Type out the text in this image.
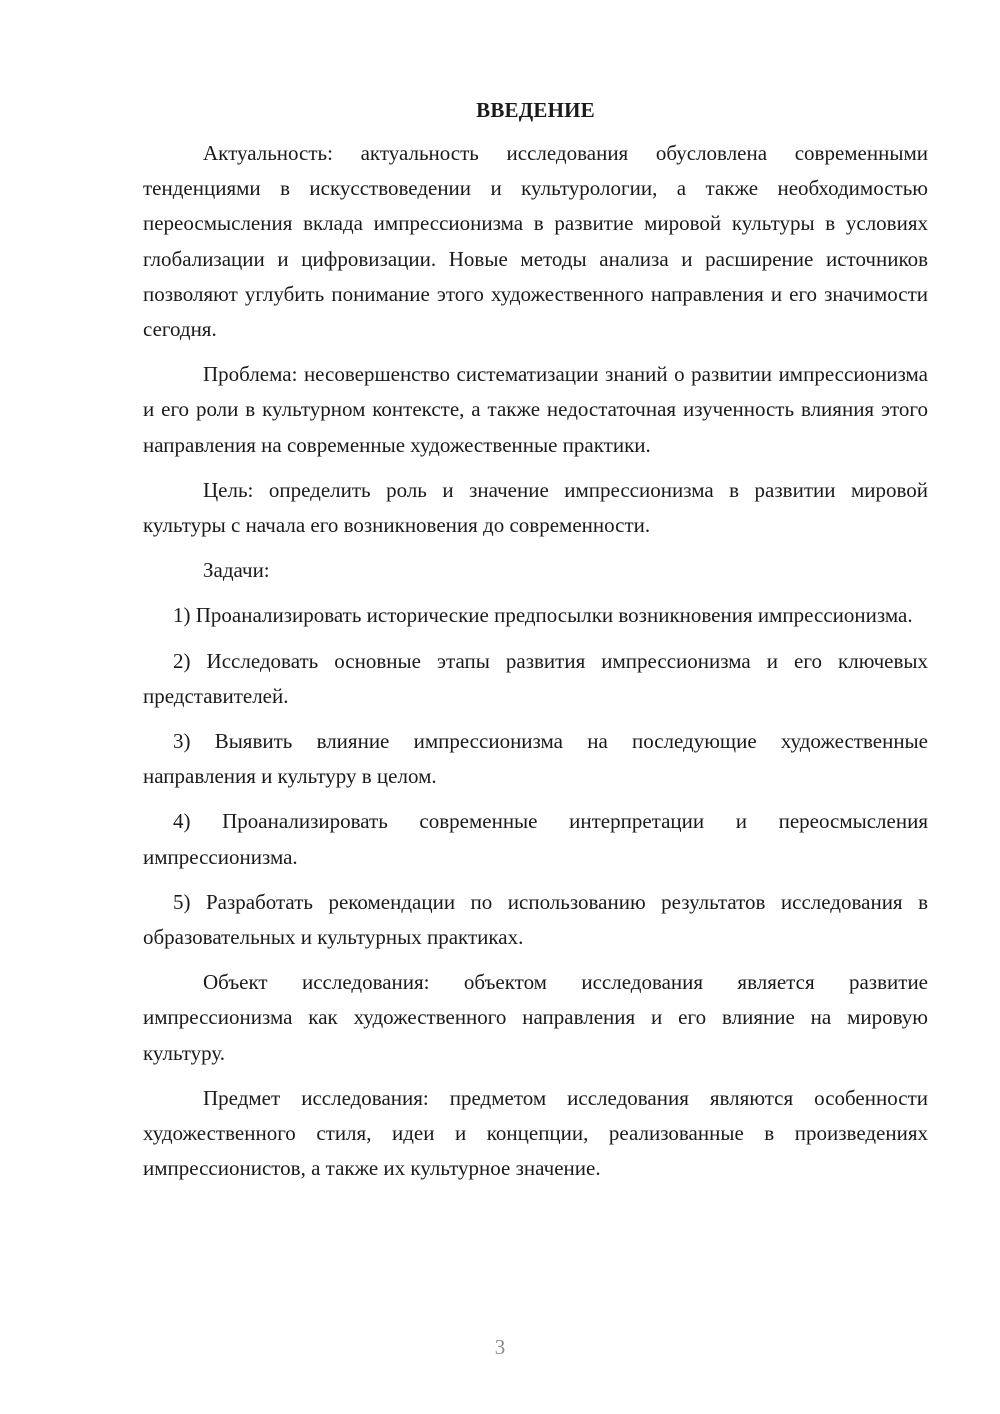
ВВЕДЕНИЕ

Актуальность: актуальность исследования обусловлена современными тенденциями в искусствоведении и культурологии, а также необходимостью переосмысления вклада импрессионизма в развитие мировой культуры в условиях глобализации и цифровизации. Новые методы анализа и расширение источников позволяют углубить понимание этого художественного направления и его значимости сегодня.

Проблема: несовершенство систематизации знаний о развитии импрессионизма и его роли в культурном контексте, а также недостаточная изученность влияния этого направления на современные художественные практики.

Цель: определить роль и значение импрессионизма в развитии мировой культуры с начала его возникновения до современности.

Задачи:

1) Проанализировать исторические предпосылки возникновения импрессионизма.

2) Исследовать основные этапы развития импрессионизма и его ключевых представителей.

3) Выявить влияние импрессионизма на последующие художественные направления и культуру в целом.

4) Проанализировать современные интерпретации и переосмысления импрессионизма.

5) Разработать рекомендации по использованию результатов исследования в образовательных и культурных практиках.

Объект исследования: объектом исследования является развитие импрессионизма как художественного направления и его влияние на мировую культуру.

Предмет исследования: предметом исследования являются особенности художественного стиля, идеи и концепции, реализованные в произведениях импрессионистов, а также их культурное значение.

3
